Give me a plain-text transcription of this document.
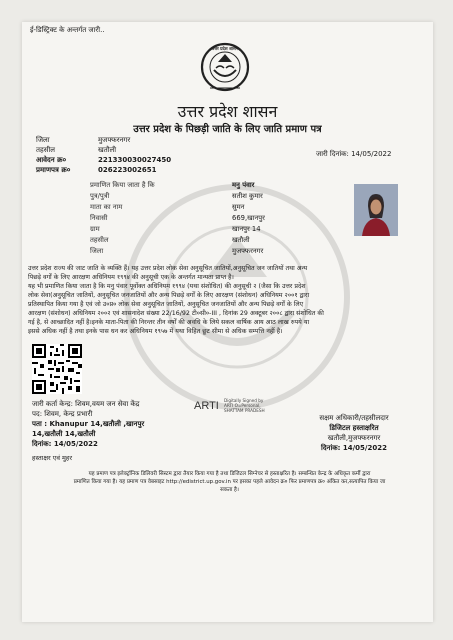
ई-डिस्ट्रिक्ट के अन्तर्गत जारी..
उत्तर प्रदेश शासन
उत्तर प्रदेश शासन
उत्तर प्रदेश के पिछड़ी जाति के लिए जाति प्रमाण पत्र
जिला	मुजफ्फरनगर
तहसील	खतौली
आवेदन क्र०	221330030027450
प्रमाणपत्र क्र०	026223002651
जारी दिनांक: 14/05/2022
प्रमाणित किया जाता है कि	मनु पंवार
पुत्र/पुत्री	सतीश कुमार
माता का नाम	सुमन
निवासी	669,खानपुर
ग्राम	खानपुर 14
तहसील	खतौली
जिला	मुजफ्फरनगर
उत्तर प्रदेश राज्य की जाट जाति के व्यक्ति हैं। यह उत्तर प्रदेश लोक सेवा अनुसूचित जातियों,अनुसूचित जन जातियों तथा अन्य
पिछड़े वर्गों के लिए आरक्षण अधिनियम १९९४ की अनुसूची एक के अन्तर्गत मान्यता प्राप्त है।
यह भी प्रमाणित किया जाता है कि मनु पंवार पूर्वोक्त अधिनियम १९९४ (यथा संशोधित) की अनुसूची २ (जैसा कि उत्तर प्रदेश
लोक सेवा(अनुसूचित जातियों, अनुसूचित जनजातियों और अन्य पिछड़े वर्गों के लिए आरक्षण (संशोधन) अधिनियम २००१ द्वारा
प्रतिस्थापित किया गया है एवं जो उ०प्र० लोक सेवा अनुसूचित जातियों, अनुसूचित जनजातियों और अन्य पिछड़े वर्गों के लिए
आरक्षण (संशोधन) अधिनियम २००२ एवं शासनादेश संख्या 22/16/92 टी०सी०-III , दिनांक 29 अक्टूबर २००८ द्वारा संशोधित की
गई है, से आच्छादित नहीं है।इनके माता-पिता की निरन्तर तीन वर्षों की अवधि के लिये सकल वार्षिक आय आठ लाख रुपये या
इससे अधिक नहीं है तथा इनके पास धन कर अधिनियम १९५७ में यथा विहित छूट सीमा से अधिक सम्पत्ति नहीं है।
ARTI Digitally Signed by
ARTI O=Personal,
SHATTAM PRADESH
जारी कर्ता केन्द्र: शिवम,वयम जन सेवा केंद्र
पद: शिवम, केन्द्र प्रभारी
पता : Khanupur 14,खतौली ,खानपुर
14,खतौली 14,खतौली
दिनांक: 14/05/2022
हस्ताक्षर एवं मुहर
सक्षम अधिकारी/तहसीलदार
डिजिटल हस्ताक्षरित
खतौली,मुजफ्फरनगर
दिनांक: 14/05/2022
यह प्रमाण पत्र इलेक्ट्रॉनिक डिलिवरी सिस्टम द्वारा तैयार किया गया है तथा डिजिटल सिग्नेचर से हस्ताक्षरित है। सम्बन्धित केन्द्र के अधिकृत कर्मी द्वारा
प्रमाणित किया गया है। यह प्रमाण पत्र वेबसाइट http://edistrict.up.gov.in पर इसका पहले आवेदन क्र० फिर प्रमाणपत्र क्र० अंकित कर,सत्यापित किया जा
सकता है।
